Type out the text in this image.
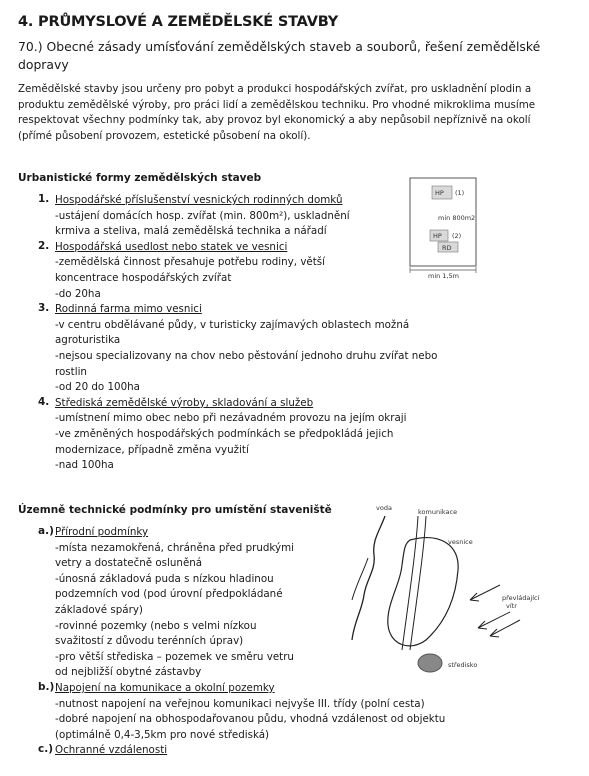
4. PRŮMYSLOVÉ A ZEMĚDĚLSKÉ STAVBY
70.) Obecné zásady umísťování zemědělských staveb a souborů, řešení zemědělské dopravy
Zemědělské stavby jsou určeny pro pobyt a produkci hospodářských zvířat, pro uskladnění plodin a produktu zemědělské výroby, pro práci lidí a zemědělskou techniku. Pro vhodné mikroklima musíme respektovat všechny podmínky tak, aby provoz byl ekonomický a aby nepůsobil nepříznivě na okolí (přímé působení provozem, estetické působení na okolí).
Urbanistické formy zemědělských staveb
1. Hospodářské příslušenství vesnických rodinných domků
-ustájení domácích hosp. zvířat (min. 800m²), uskladnění
krmiva a steliva, malá zemědělská technika a nářadí
2. Hospodářská usedlost nebo statek ve vesnici
-zemědělská činnost přesahuje potřebu rodiny, větší
koncentrace hospodářských zvířat
-do 20ha
3. Rodinná farma mimo vesnici
-v centru obdělávané půdy, v turisticky zajímavých oblastech možná
agroturistika
-nejsou specializovany na chov nebo pěstování jednoho druhu zvířat nebo
rostlin
-od 20 do 100ha
4. Střediská zemědělské výroby, skladování a služeb
-umístnení mimo obec nebo při nezávadném provozu na jejím okraji
-ve změněných hospodářských podmínkách se předpokládá jejich
modernizace, případně změna využití
-nad 100ha
HP (1)
min 800m2
HP (2)
RD
min 1,5m
Územně technické podmínky pro umístění staveniště
a.) Přírodní podmínky
-místa nezamokřená, chráněna před prudkými
vetry a dostatečně osluněná
-únosná základová puda s nízkou hladinou
podzemních vod (pod úrovní předpokládané
základové spáry)
-rovinné pozemky (nebo s velmi nízkou
svažitostí z důvodu terénních úprav)
-pro větší střediska – pozemek ve směru vetru
od nejbližší obytné zástavby
b.) Napojení na komunikace a okolní pozemky
-nutnost napojení na veřejnou komunikaci nejvyše III. třídy (polní cesta)
-dobré napojení na obhospodařovanou půdu, vhodná vzdálenost od objektu
(optimálně 0,4-3,5km pro nové střediská)
c.) Ochranné vzdálenosti
voda	komunikace
vesnice
převládající
vítr
středisko
